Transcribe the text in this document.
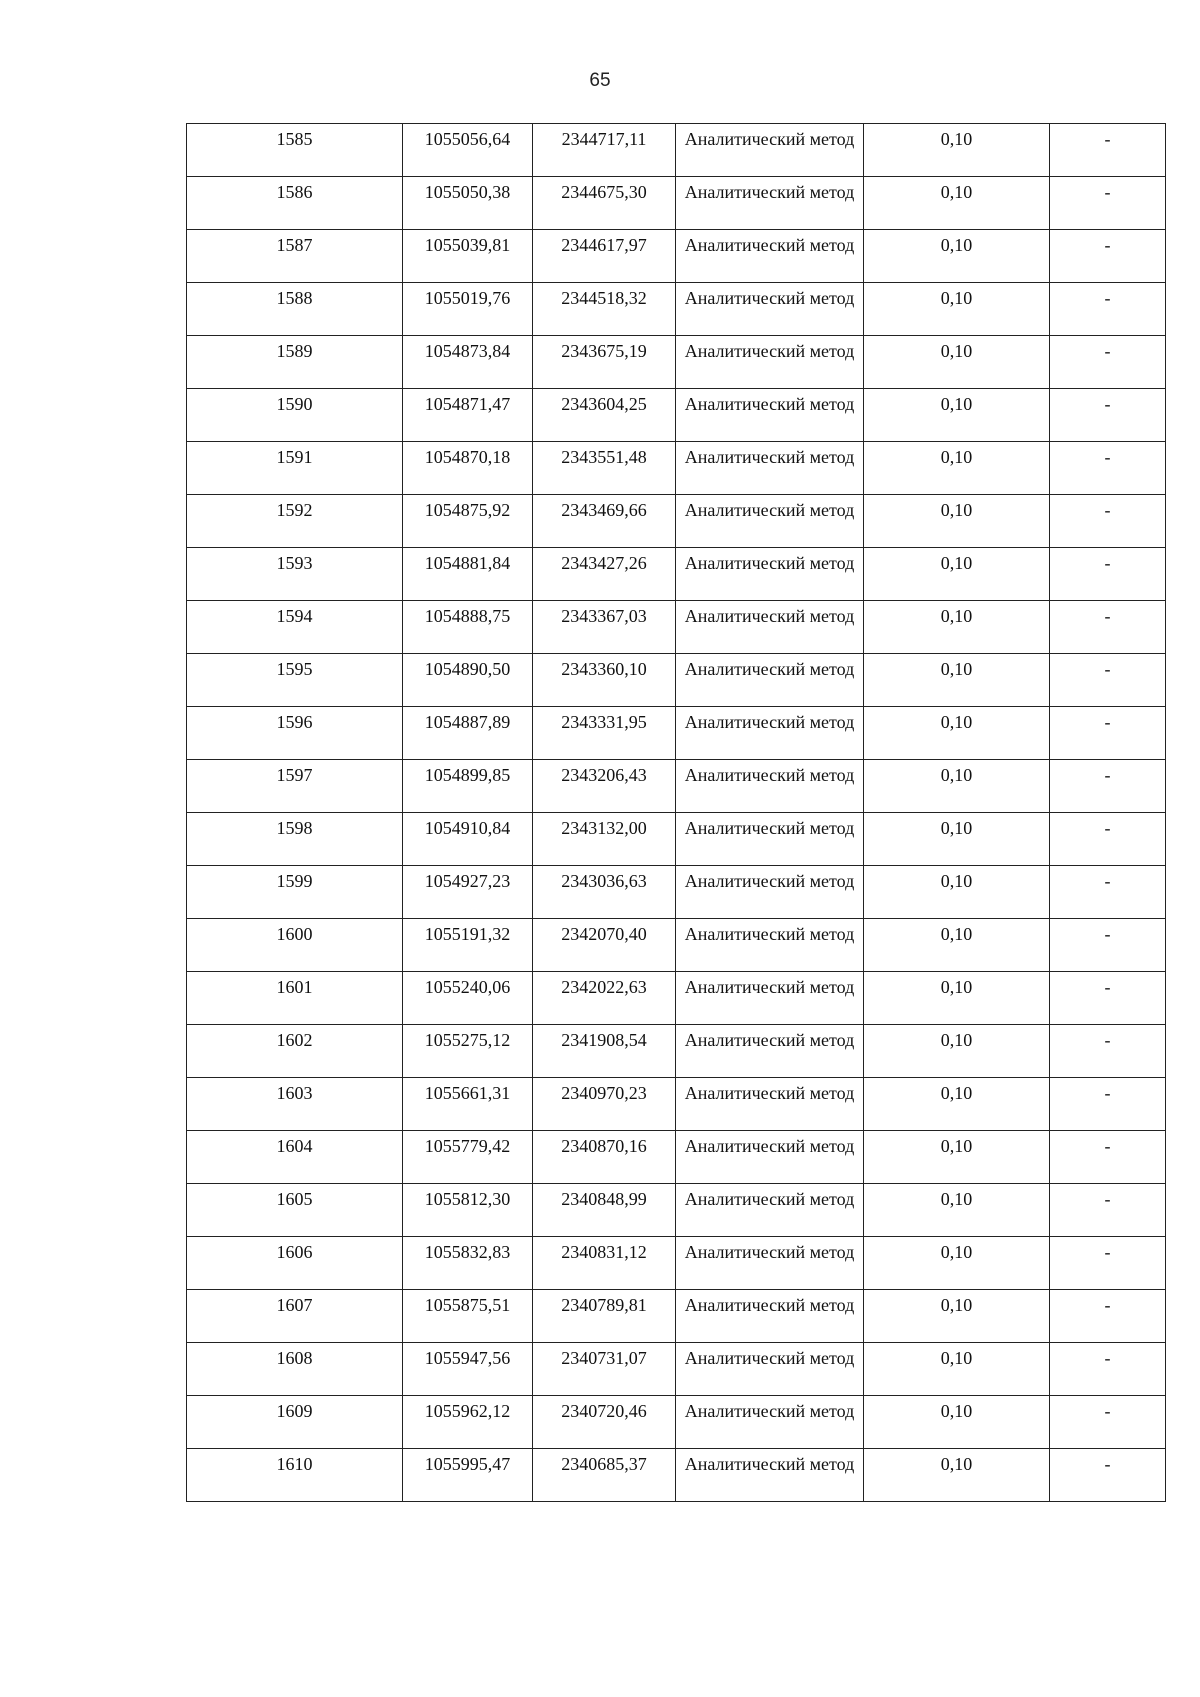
65
1585	1055056,64	2344717,11	Аналитический метод	0,10	-
1586	1055050,38	2344675,30	Аналитический метод	0,10	-
1587	1055039,81	2344617,97	Аналитический метод	0,10	-
1588	1055019,76	2344518,32	Аналитический метод	0,10	-
1589	1054873,84	2343675,19	Аналитический метод	0,10	-
1590	1054871,47	2343604,25	Аналитический метод	0,10	-
1591	1054870,18	2343551,48	Аналитический метод	0,10	-
1592	1054875,92	2343469,66	Аналитический метод	0,10	-
1593	1054881,84	2343427,26	Аналитический метод	0,10	-
1594	1054888,75	2343367,03	Аналитический метод	0,10	-
1595	1054890,50	2343360,10	Аналитический метод	0,10	-
1596	1054887,89	2343331,95	Аналитический метод	0,10	-
1597	1054899,85	2343206,43	Аналитический метод	0,10	-
1598	1054910,84	2343132,00	Аналитический метод	0,10	-
1599	1054927,23	2343036,63	Аналитический метод	0,10	-
1600	1055191,32	2342070,40	Аналитический метод	0,10	-
1601	1055240,06	2342022,63	Аналитический метод	0,10	-
1602	1055275,12	2341908,54	Аналитический метод	0,10	-
1603	1055661,31	2340970,23	Аналитический метод	0,10	-
1604	1055779,42	2340870,16	Аналитический метод	0,10	-
1605	1055812,30	2340848,99	Аналитический метод	0,10	-
1606	1055832,83	2340831,12	Аналитический метод	0,10	-
1607	1055875,51	2340789,81	Аналитический метод	0,10	-
1608	1055947,56	2340731,07	Аналитический метод	0,10	-
1609	1055962,12	2340720,46	Аналитический метод	0,10	-
1610	1055995,47	2340685,37	Аналитический метод	0,10	-
